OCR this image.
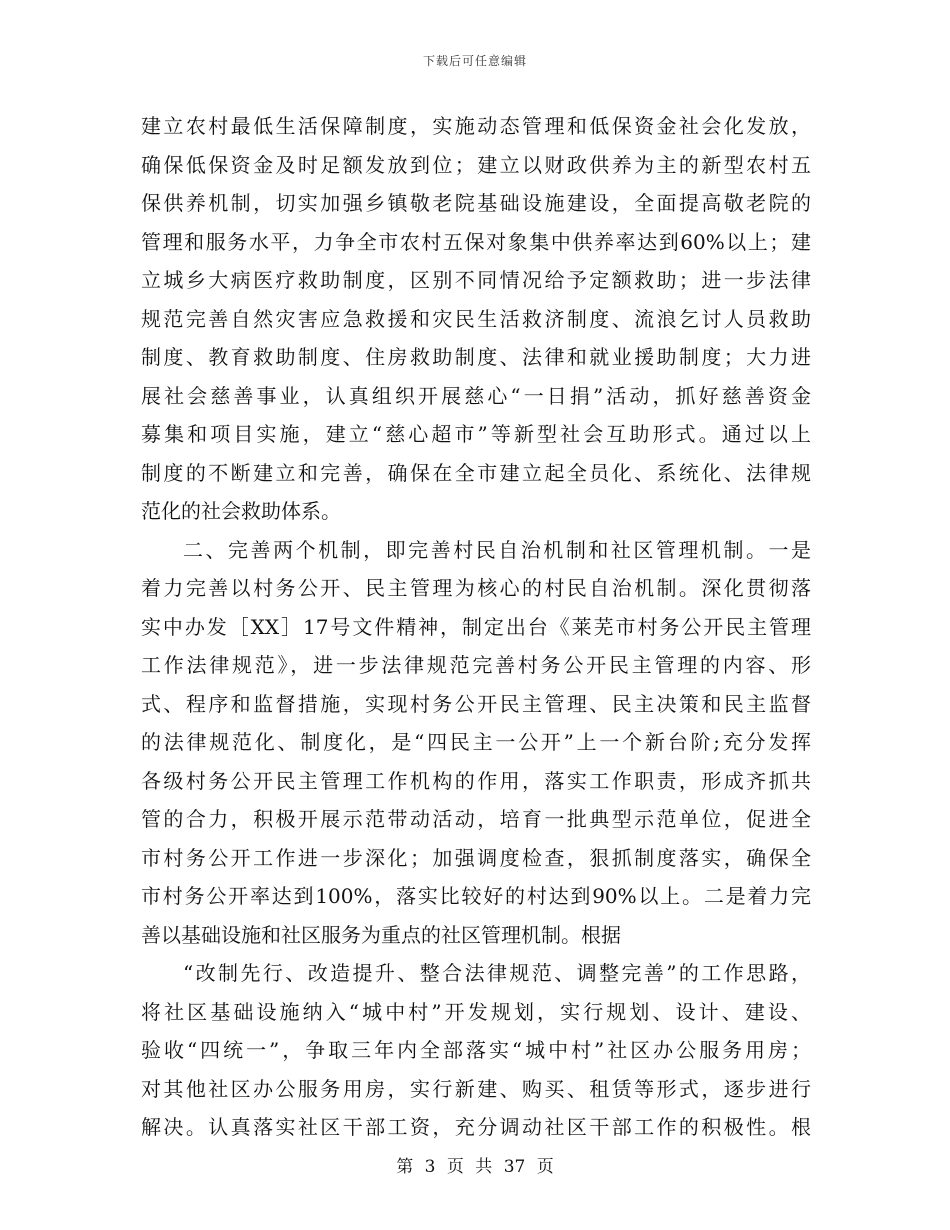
下载后可任意编辑
建立农村最低生活保障制度，实施动态管理和低保资金社会化发放，
确保低保资金及时足额发放到位；建立以财政供养为主的新型农村五
保供养机制，切实加强乡镇敬老院基础设施建设，全面提高敬老院的
管理和服务水平，力争全市农村五保对象集中供养率达到60%以上；建
立城乡大病医疗救助制度，区别不同情况给予定额救助；进一步法律
规范完善自然灾害应急救援和灾民生活救济制度、流浪乞讨人员救助
制度、教育救助制度、住房救助制度、法律和就业援助制度；大力进
展社会慈善事业，认真组织开展慈心“一日捐”活动，抓好慈善资金
募集和项目实施，建立“慈心超市”等新型社会互助形式。通过以上
制度的不断建立和完善，确保在全市建立起全员化、系统化、法律规
范化的社会救助体系。
二、完善两个机制，即完善村民自治机制和社区管理机制。一是
着力完善以村务公开、民主管理为核心的村民自治机制。深化贯彻落
实中办发［XX］17号文件精神，制定出台《莱芜市村务公开民主管理
工作法律规范》，进一步法律规范完善村务公开民主管理的内容、形
式、程序和监督措施，实现村务公开民主管理、民主决策和民主监督
的法律规范化、制度化，是“四民主一公开”上一个新台阶;充分发挥
各级村务公开民主管理工作机构的作用，落实工作职责，形成齐抓共
管的合力，积极开展示范带动活动，培育一批典型示范单位，促进全
市村务公开工作进一步深化；加强调度检查，狠抓制度落实，确保全
市村务公开率达到100%，落实比较好的村达到90%以上。二是着力完
善以基础设施和社区服务为重点的社区管理机制。根据
“改制先行、改造提升、整合法律规范、调整完善”的工作思路，
将社区基础设施纳入“城中村”开发规划，实行规划、设计、建设、
验收“四统一”，争取三年内全部落实“城中村”社区办公服务用房；
对其他社区办公服务用房，实行新建、购买、租赁等形式，逐步进行
解决。认真落实社区干部工资，充分调动社区干部工作的积极性。根
第 3 页 共 37 页
